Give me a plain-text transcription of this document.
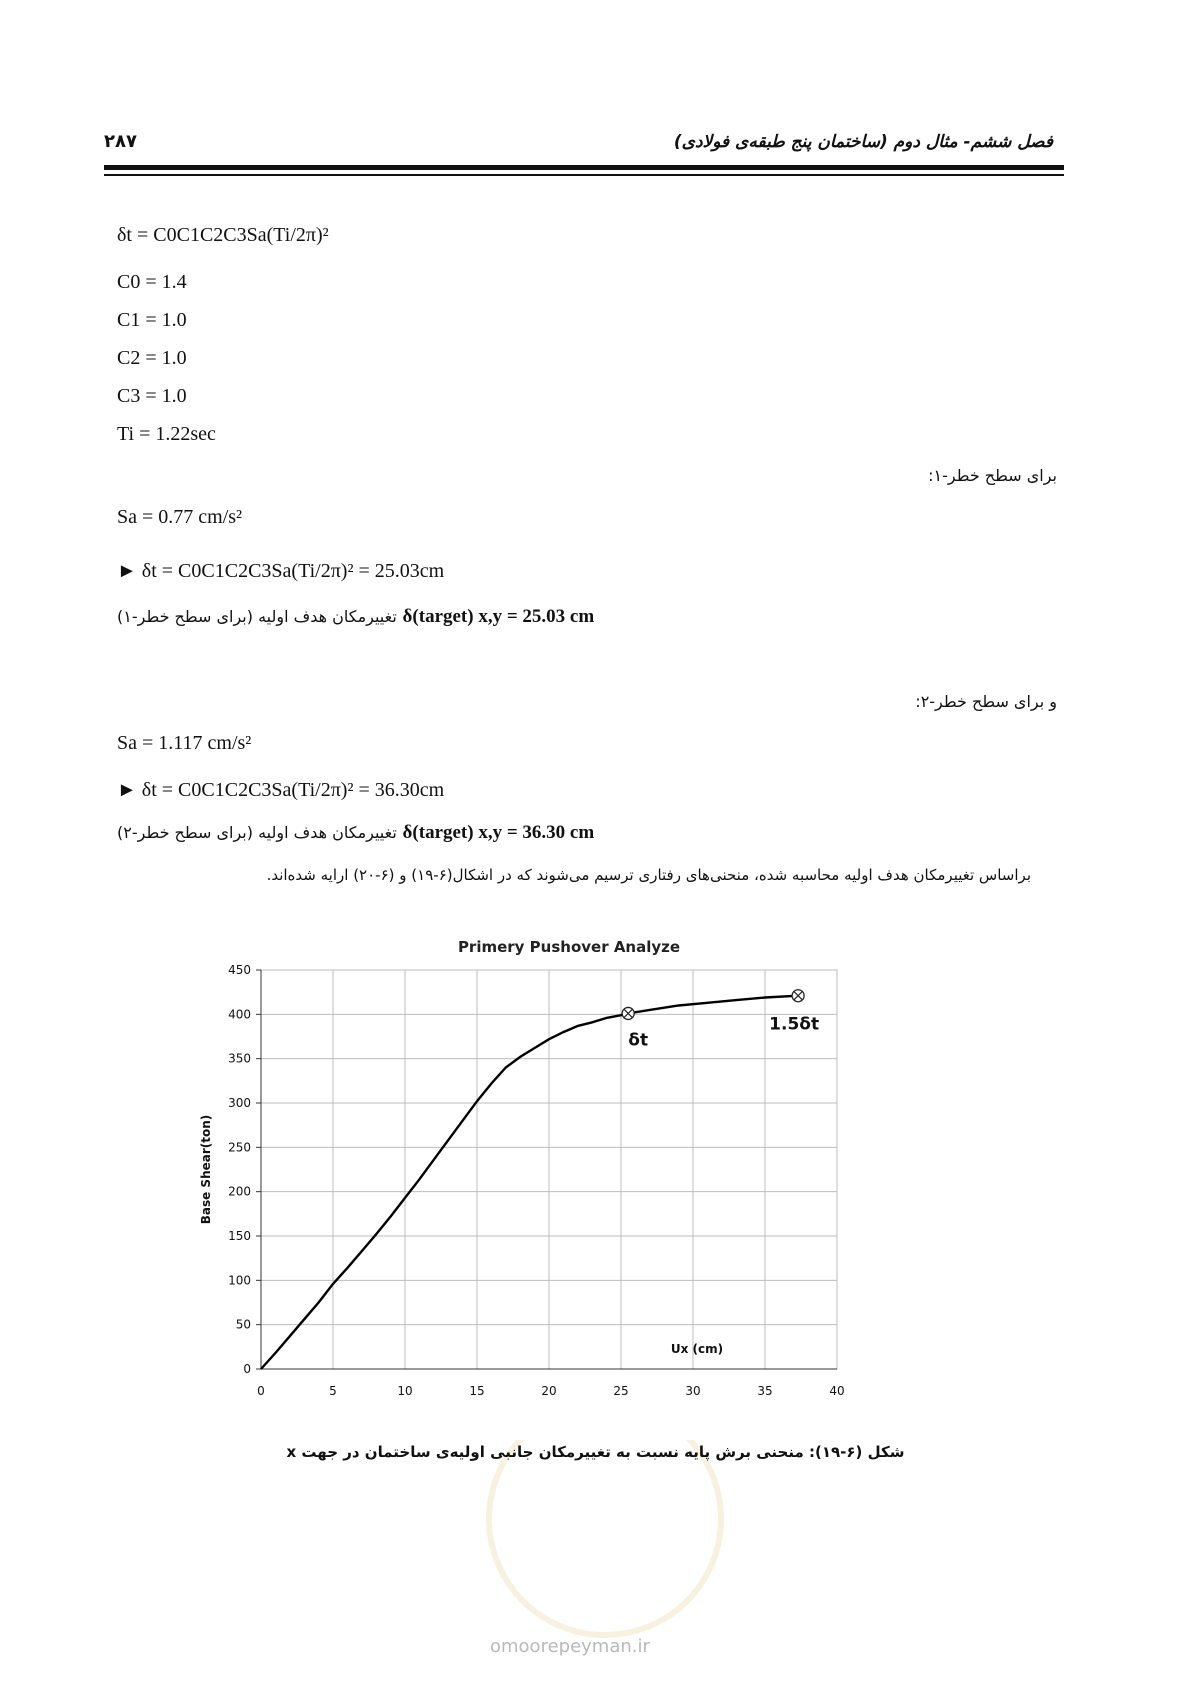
۲۸۷	فصل ششم- مثال دوم (ساختمان پنج طبقه‌ی فولادی)
δt = C0C1C2C3Sa(Ti/2π)²
C0 = 1.4
C1 = 1.0
C2 = 1.0
C3 = 1.0
Ti = 1.22sec
برای سطح خطر-۱:
Sa = 0.77 cm/s²
► δt = C0C1C2C3Sa(Ti/2π)² = 25.03cm
تغییرمکان هدف اولیه (برای سطح خطر-۱) δ(target) x,y = 25.03 cm
و برای سطح خطر-۲:
Sa = 1.117 cm/s²
► δt = C0C1C2C3Sa(Ti/2π)² = 36.30cm
تغییرمکان هدف اولیه (برای سطح خطر-۲) δ(target) x,y = 36.30 cm
براساس تغییرمکان هدف اولیه محاسبه شده، منحنی‌های رفتاری ترسیم می‌شوند که در اشکال(۶-۱۹) و (۶-۲۰) ارایه شده‌اند.
omoorepeyman.ir
0	5	10	15	20	25	30	35	40
0
50
100
150
200
250
300
350
400
450
Primery Pushover Analyze
Ux (cm)
Base Shear(ton)
δt
1.5δt
شکل (۶-۱۹): منحنی برش پایه نسبت به تغییرمکان جانبی اولیه‌ی ساختمان در جهت x
